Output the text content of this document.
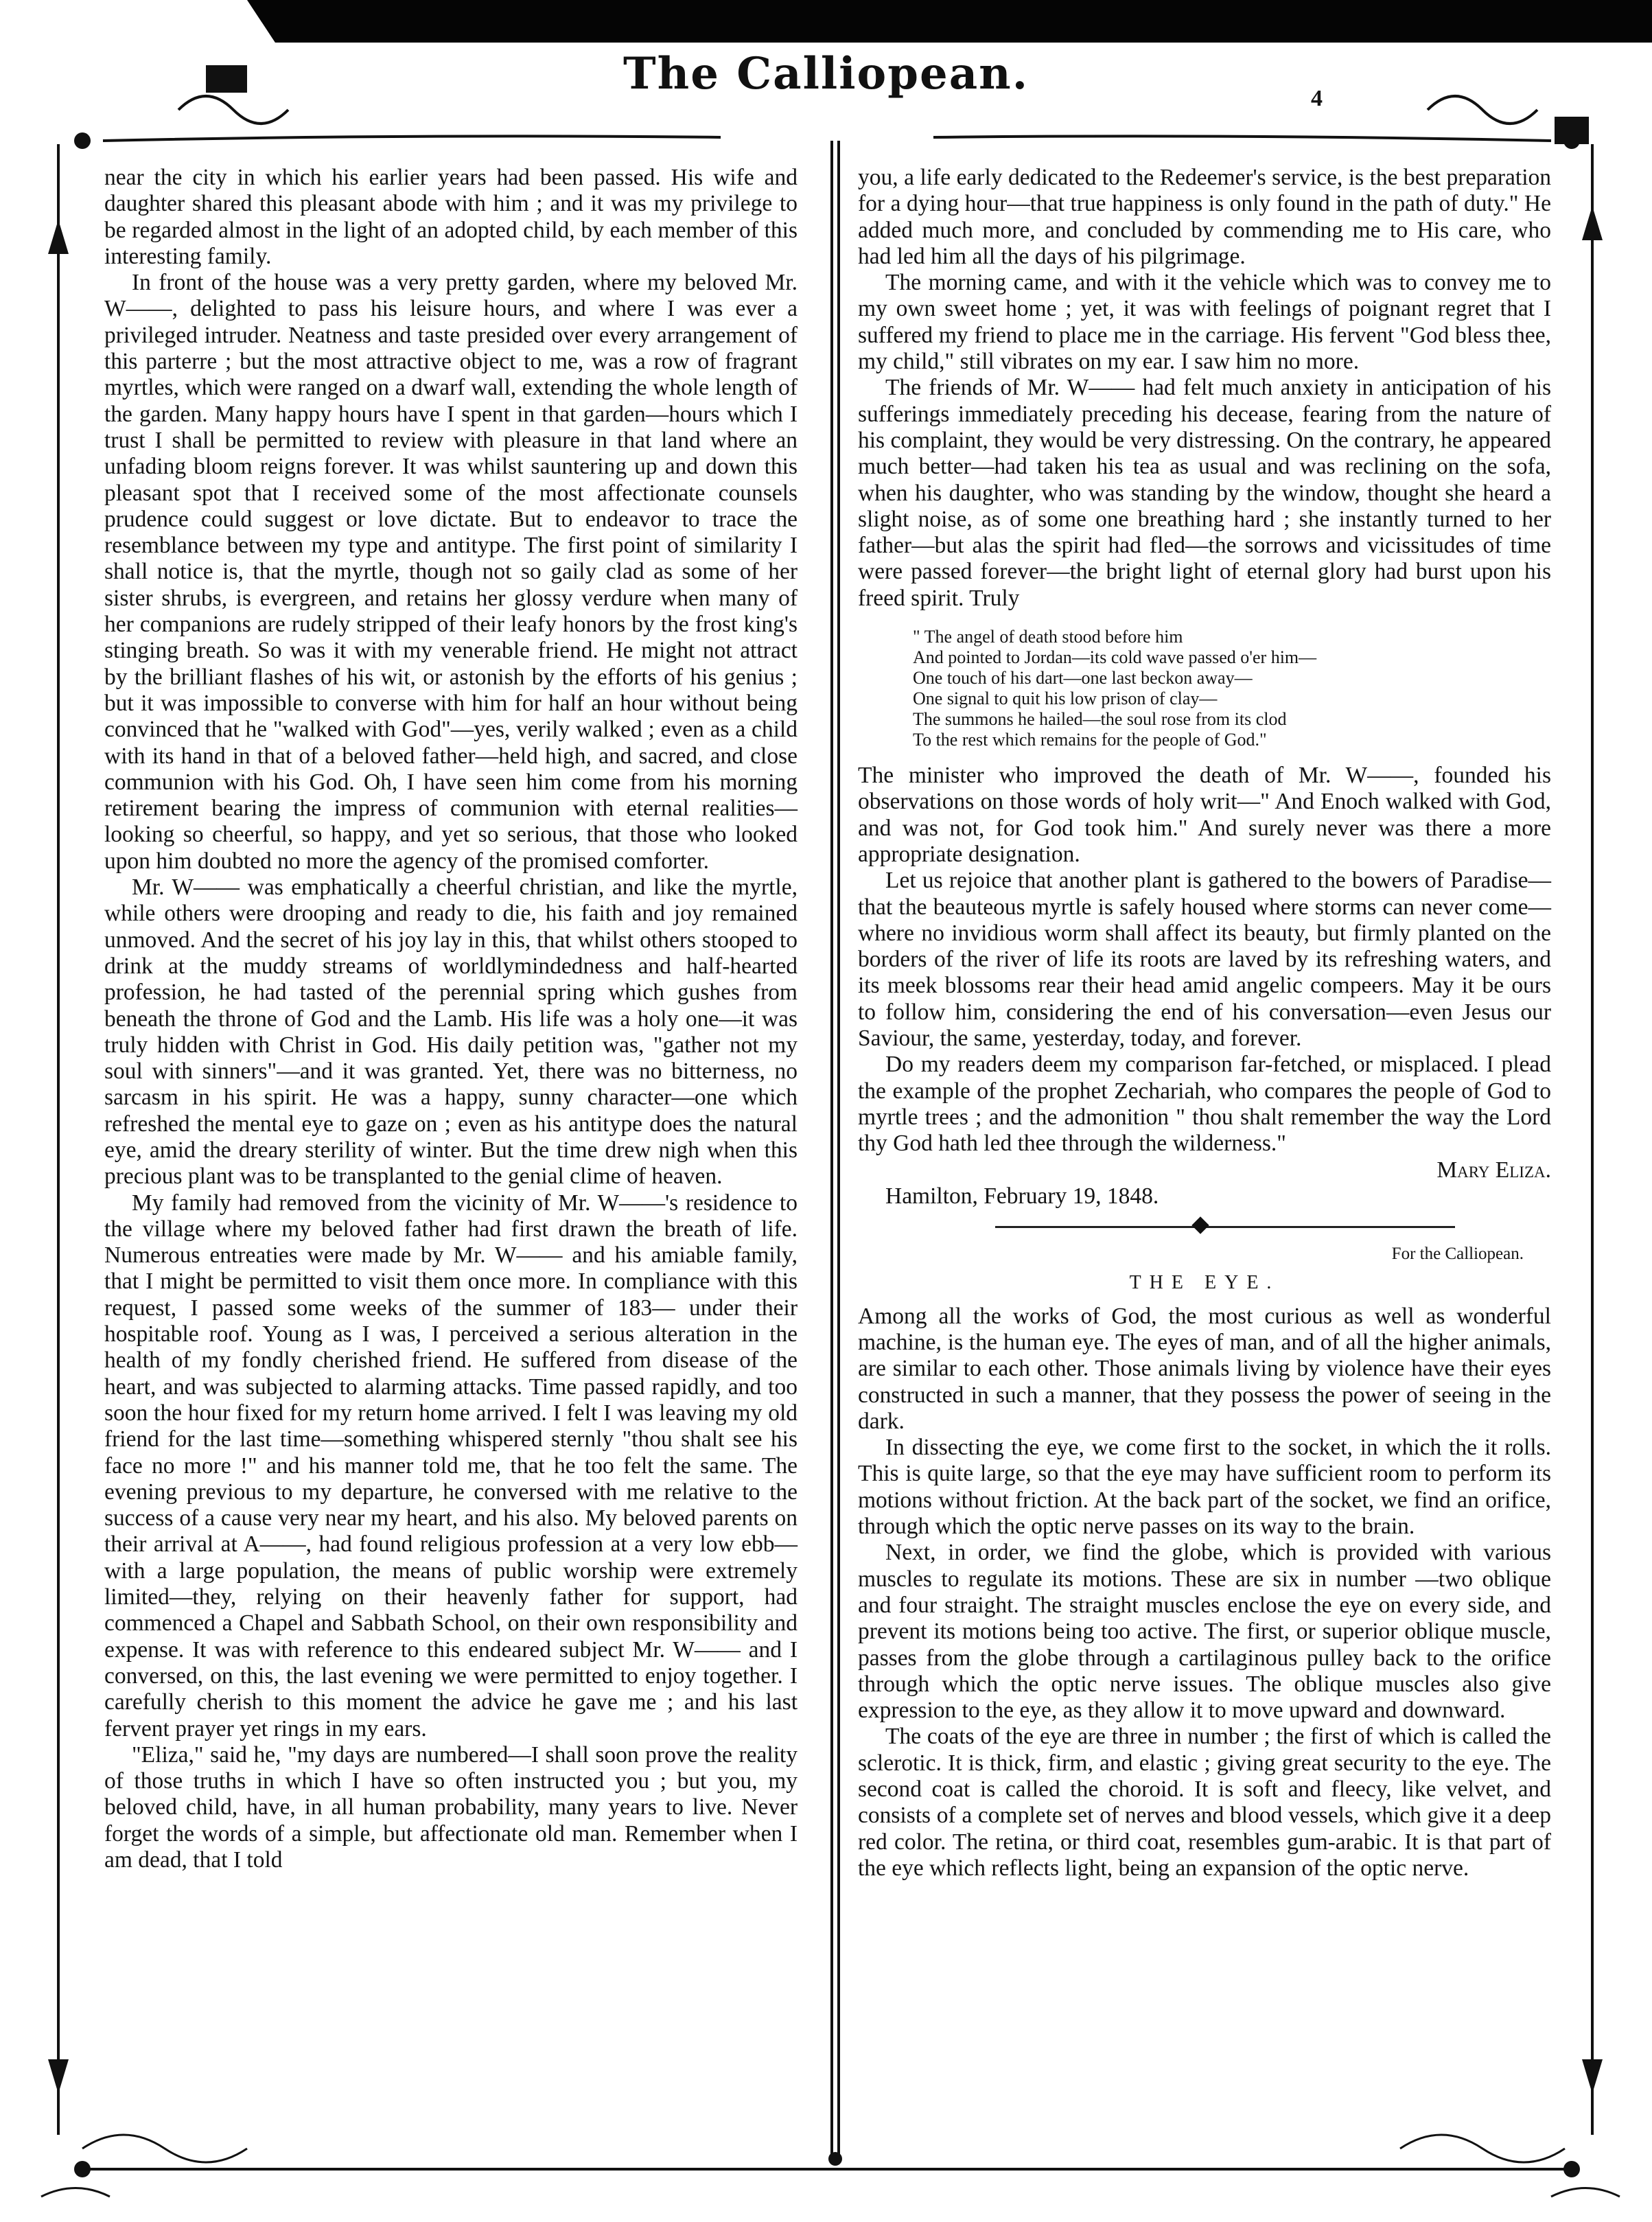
The Calliopean.	4

near the city in which his earlier years had been passed. His wife and daughter shared this pleasant abode with him ; and it was my privilege to be regarded almost in the light of an adopted child, by each member of this interesting family.

In front of the house was a very pretty garden, where my beloved Mr. W——, delighted to pass his leisure hours, and where I was ever a privileged intruder. Neatness and taste presided over every arrangement of this parterre ; but the most attractive object to me, was a row of fragrant myrtles, which were ranged on a dwarf wall, extending the whole length of the garden. Many happy hours have I spent in that garden—hours which I trust I shall be permitted to review with pleasure in that land where an unfading bloom reigns forever. It was whilst sauntering up and down this pleasant spot that I received some of the most affectionate counsels prudence could suggest or love dictate. But to endeavor to trace the resemblance between my type and antitype. The first point of similarity I shall notice is, that the myrtle, though not so gaily clad as some of her sister shrubs, is evergreen, and retains her glossy verdure when many of her companions are rudely stripped of their leafy honors by the frost king's stinging breath. So was it with my venerable friend. He might not attract by the brilliant flashes of his wit, or astonish by the efforts of his genius ; but it was impossible to converse with him for half an hour without being convinced that he "walked with God"—yes, verily walked ; even as a child with its hand in that of a beloved father—held high, and sacred, and close communion with his God. Oh, I have seen him come from his morning retirement bearing the impress of communion with eternal realities—looking so cheerful, so happy, and yet so serious, that those who looked upon him doubted no more the agency of the promised comforter.

Mr. W—— was emphatically a cheerful christian, and like the myrtle, while others were drooping and ready to die, his faith and joy remained unmoved. And the secret of his joy lay in this, that whilst others stooped to drink at the muddy streams of worldlymindedness and half-hearted profession, he had tasted of the perennial spring which gushes from beneath the throne of God and the Lamb. His life was a holy one—it was truly hidden with Christ in God. His daily petition was, "gather not my soul with sinners"—and it was granted. Yet, there was no bitterness, no sarcasm in his spirit. He was a happy, sunny character—one which refreshed the mental eye to gaze on ; even as his antitype does the natural eye, amid the dreary sterility of winter. But the time drew nigh when this precious plant was to be transplanted to the genial clime of heaven.

My family had removed from the vicinity of Mr. W——'s residence to the village where my beloved father had first drawn the breath of life. Numerous entreaties were made by Mr. W—— and his amiable family, that I might be permitted to visit them once more. In compliance with this request, I passed some weeks of the summer of 183— under their hospitable roof. Young as I was, I perceived a serious alteration in the health of my fondly cherished friend. He suffered from disease of the heart, and was subjected to alarming attacks. Time passed rapidly, and too soon the hour fixed for my return home arrived. I felt I was leaving my old friend for the last time—something whispered sternly "thou shalt see his face no more !" and his manner told me, that he too felt the same. The evening previous to my departure, he conversed with me relative to the success of a cause very near my heart, and his also. My beloved parents on their arrival at A——, had found religious profession at a very low ebb—with a large population, the means of public worship were extremely limited—they, relying on their heavenly father for support, had commenced a Chapel and Sabbath School, on their own responsibility and expense. It was with reference to this endeared subject Mr. W—— and I conversed, on this, the last evening we were permitted to enjoy together. I carefully cherish to this moment the advice he gave me ; and his last fervent prayer yet rings in my ears.

"Eliza," said he, "my days are numbered—I shall soon prove the reality of those truths in which I have so often instructed you ; but you, my beloved child, have, in all human probability, many years to live. Never forget the words of a simple, but affectionate old man. Remember when I am dead, that I told

you, a life early dedicated to the Redeemer's service, is the best preparation for a dying hour—that true happiness is only found in the path of duty." He added much more, and concluded by commending me to His care, who had led him all the days of his pilgrimage.

The morning came, and with it the vehicle which was to convey me to my own sweet home ; yet, it was with feelings of poignant regret that I suffered my friend to place me in the carriage. His fervent "God bless thee, my child," still vibrates on my ear. I saw him no more.

The friends of Mr. W—— had felt much anxiety in anticipation of his sufferings immediately preceding his decease, fearing from the nature of his complaint, they would be very distressing. On the contrary, he appeared much better—had taken his tea as usual and was reclining on the sofa, when his daughter, who was standing by the window, thought she heard a slight noise, as of some one breathing hard ; she instantly turned to her father—but alas the spirit had fled—the sorrows and vicissitudes of time were passed forever—the bright light of eternal glory had burst upon his freed spirit. Truly

" The angel of death stood before him
And pointed to Jordan—its cold wave passed o'er him—
One touch of his dart—one last beckon away—
One signal to quit his low prison of clay—
The summons he hailed—the soul rose from its clod
To the rest which remains for the people of God."

The minister who improved the death of Mr. W——, founded his observations on those words of holy writ—" And Enoch walked with God, and was not, for God took him." And surely never was there a more appropriate designation.

Let us rejoice that another plant is gathered to the bowers of Paradise—that the beauteous myrtle is safely housed where storms can never come—where no invidious worm shall affect its beauty, but firmly planted on the borders of the river of life its roots are laved by its refreshing waters, and its meek blossoms rear their head amid angelic compeers. May it be ours to follow him, considering the end of his conversation—even Jesus our Saviour, the same, yesterday, today, and forever.

Do my readers deem my comparison far-fetched, or misplaced. I plead the example of the prophet Zechariah, who compares the people of God to myrtle trees ; and the admonition " thou shalt remember the way the Lord thy God hath led thee through the wilderness."

Mary Eliza.

Hamilton, February 19, 1848.

For the Calliopean.
THE EYE.

Among all the works of God, the most curious as well as wonderful machine, is the human eye. The eyes of man, and of all the higher animals, are similar to each other. Those animals living by violence have their eyes constructed in such a manner, that they possess the power of seeing in the dark.

In dissecting the eye, we come first to the socket, in which the it rolls. This is quite large, so that the eye may have sufficient room to perform its motions without friction. At the back part of the socket, we find an orifice, through which the optic nerve passes on its way to the brain.

Next, in order, we find the globe, which is provided with various muscles to regulate its motions. These are six in number —two oblique and four straight. The straight muscles enclose the eye on every side, and prevent its motions being too active. The first, or superior oblique muscle, passes from the globe through a cartilaginous pulley back to the orifice through which the optic nerve issues. The oblique muscles also give expression to the eye, as they allow it to move upward and downward.

The coats of the eye are three in number ; the first of which is called the sclerotic. It is thick, firm, and elastic ; giving great security to the eye. The second coat is called the choroid. It is soft and fleecy, like velvet, and consists of a complete set of nerves and blood vessels, which give it a deep red color. The retina, or third coat, resembles gum-arabic. It is that part of the eye which reflects light, being an expansion of the optic nerve.
